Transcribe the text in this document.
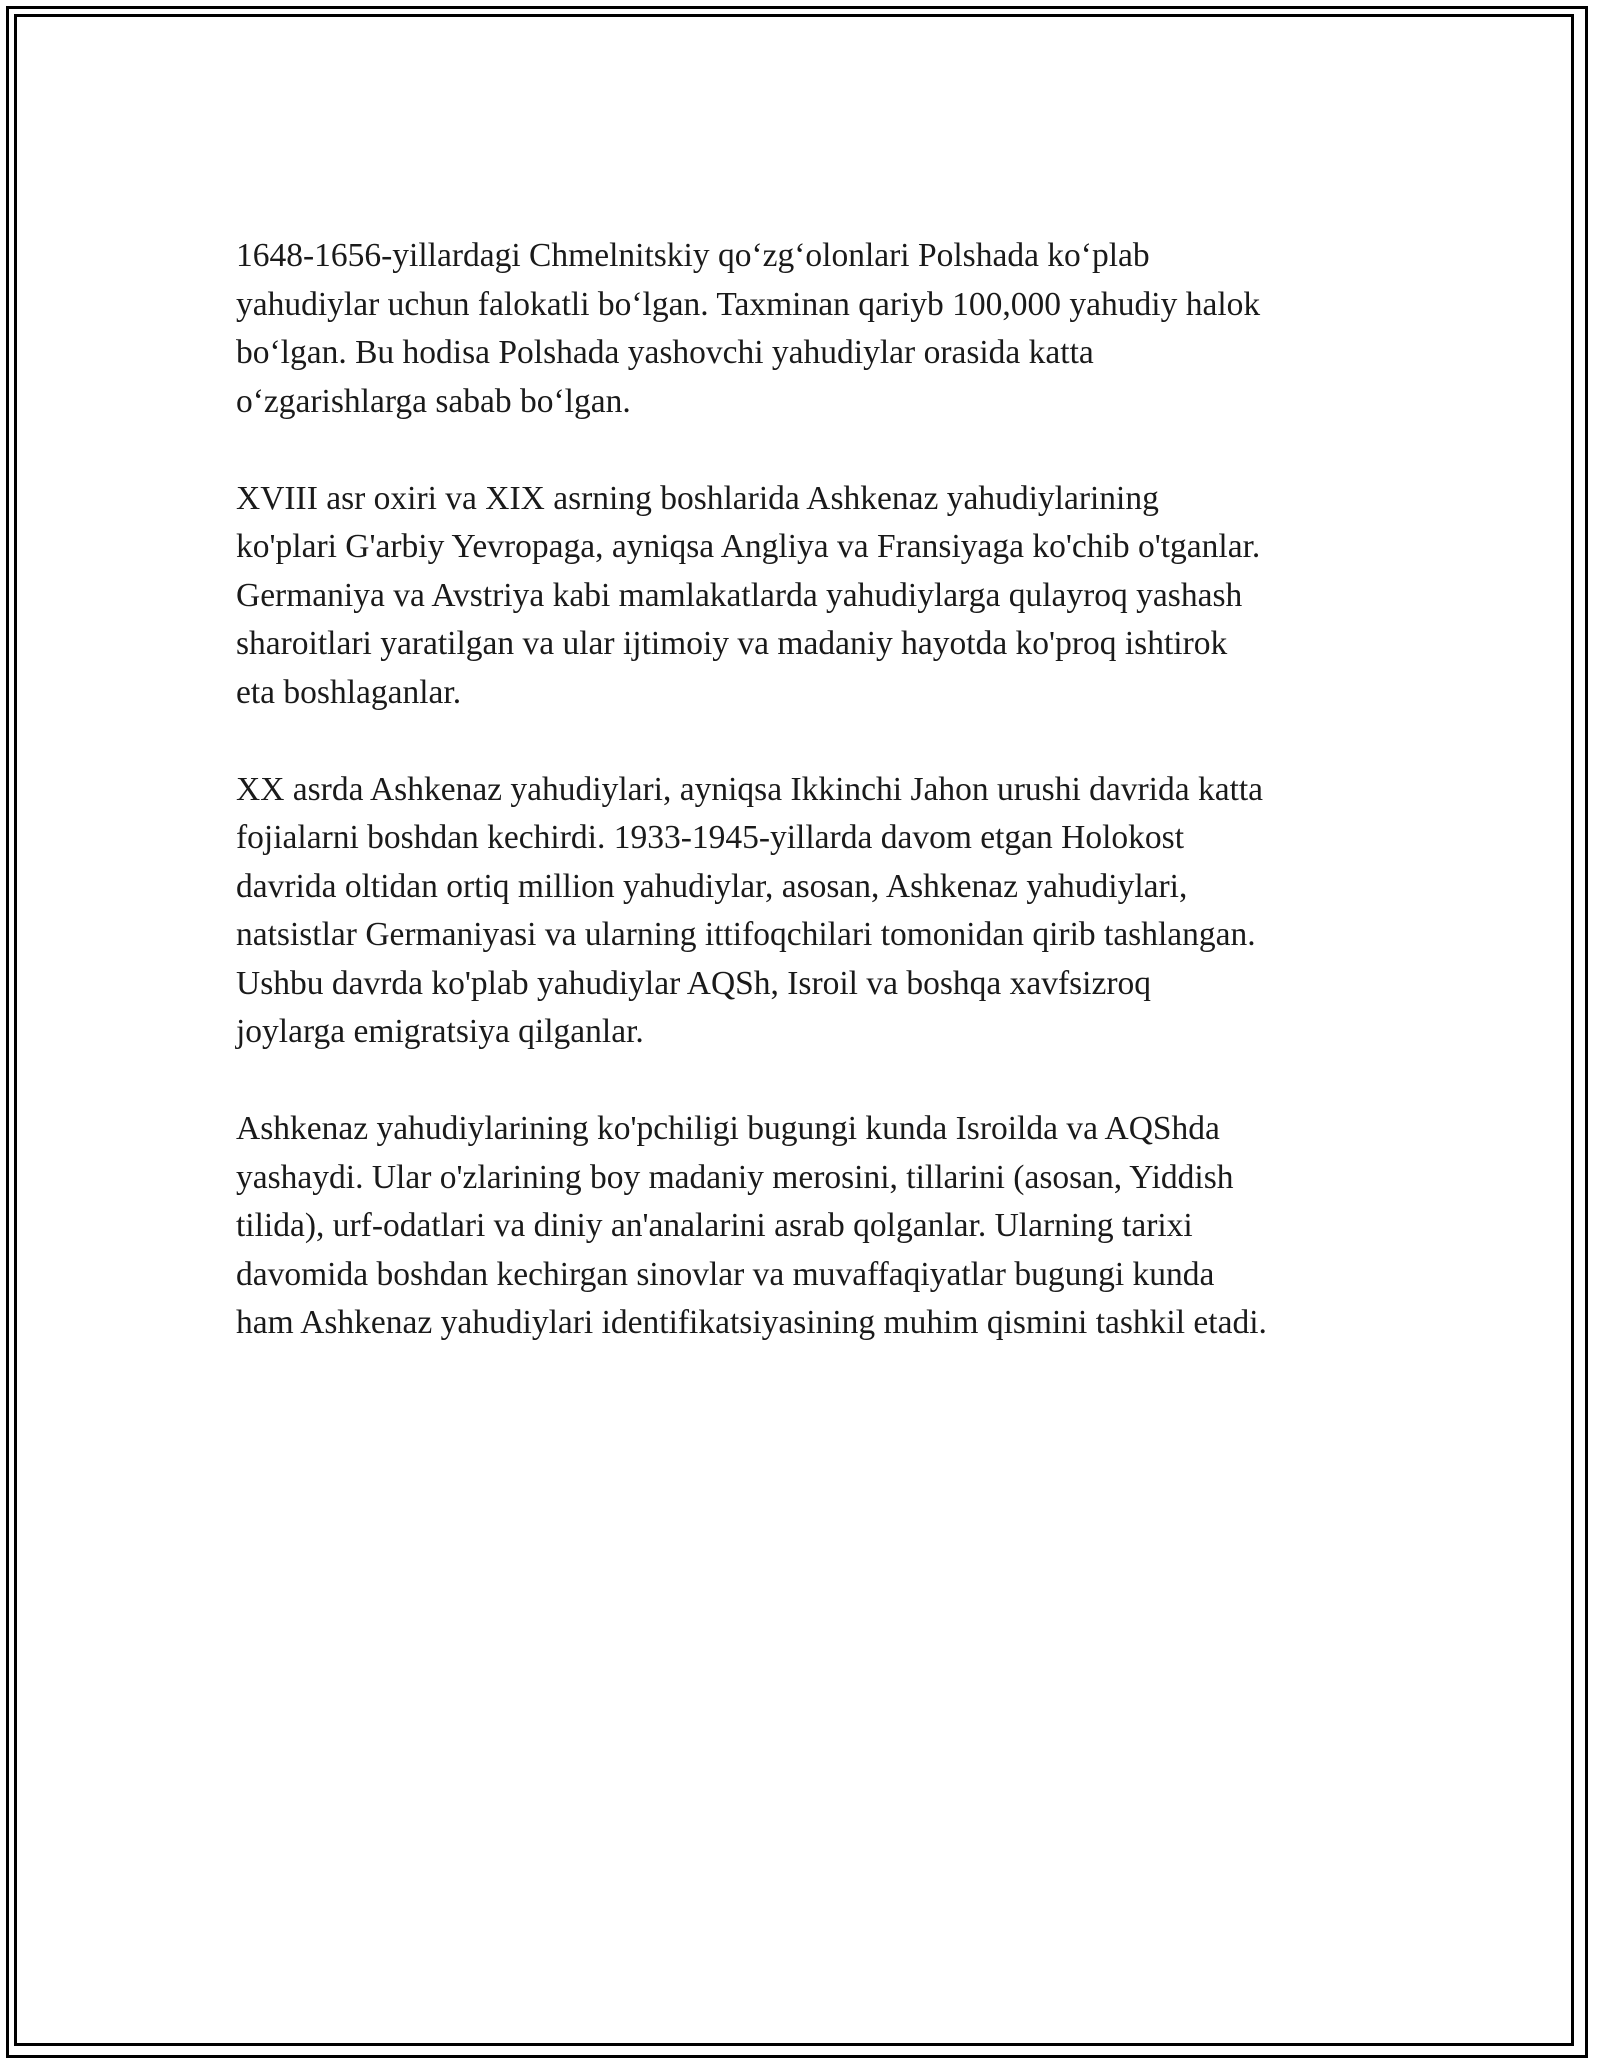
1648-1656-yillardagi Chmelnitskiy qoʻzgʻolonlari Polshada koʻplab
yahudiylar uchun falokatli boʻlgan. Taxminan qariyb 100,000 yahudiy halok
boʻlgan. Bu hodisa Polshada yashovchi yahudiylar orasida katta
oʻzgarishlarga sabab boʻlgan.

XVIII asr oxiri va XIX asrning boshlarida Ashkenaz yahudiylarining
ko'plari G'arbiy Yevropaga, ayniqsa Angliya va Fransiyaga ko'chib o'tganlar.
Germaniya va Avstriya kabi mamlakatlarda yahudiylarga qulayroq yashash
sharoitlari yaratilgan va ular ijtimoiy va madaniy hayotda ko'proq ishtirok
eta boshlaganlar.

XX asrda Ashkenaz yahudiylari, ayniqsa Ikkinchi Jahon urushi davrida katta
fojialarni boshdan kechirdi. 1933-1945-yillarda davom etgan Holokost
davrida oltidan ortiq million yahudiylar, asosan, Ashkenaz yahudiylari,
natsistlar Germaniyasi va ularning ittifoqchilari tomonidan qirib tashlangan.
Ushbu davrda ko'plab yahudiylar AQSh, Isroil va boshqa xavfsizroq
joylarga emigratsiya qilganlar.

Ashkenaz yahudiylarining ko'pchiligi bugungi kunda Isroilda va AQShda
yashaydi. Ular o'zlarining boy madaniy merosini, tillarini (asosan, Yiddish
tilida), urf-odatlari va diniy an'analarini asrab qolganlar. Ularning tarixi
davomida boshdan kechirgan sinovlar va muvaffaqiyatlar bugungi kunda
ham Ashkenaz yahudiylari identifikatsiyasining muhim qismini tashkil etadi.
